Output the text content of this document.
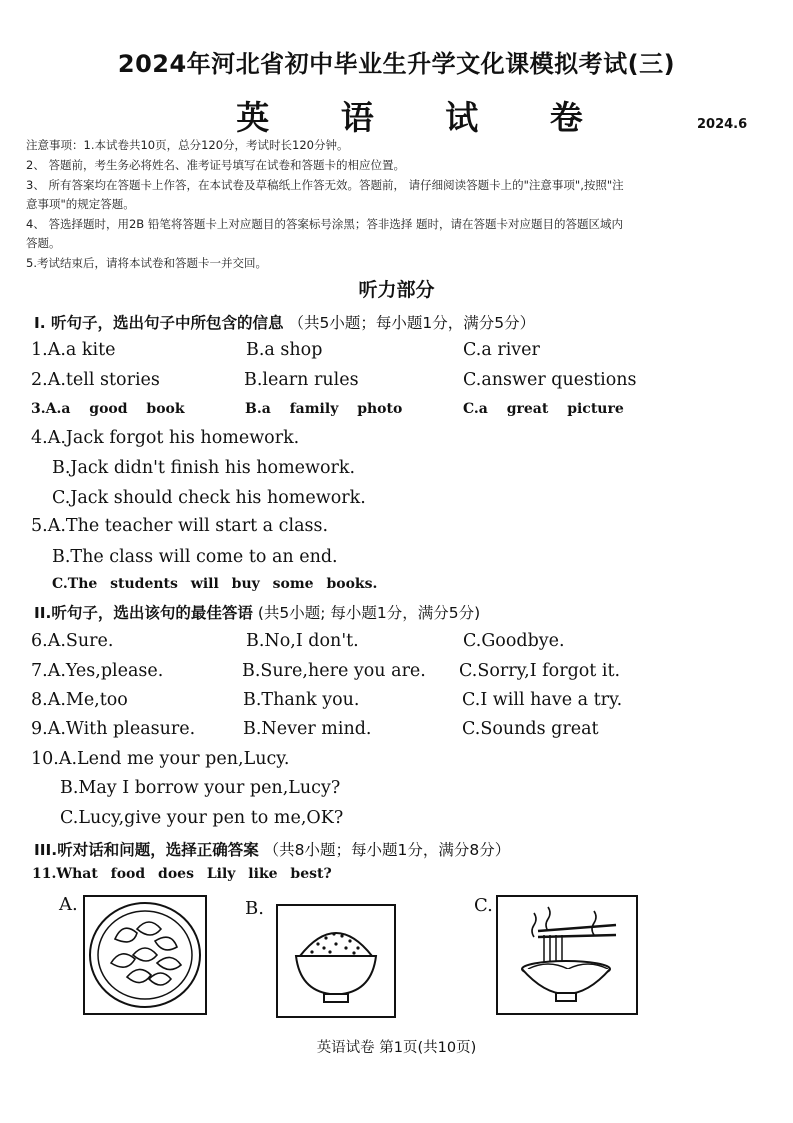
2024年河北省初中毕业生升学文化课模拟考试(三)
英 语 试 卷	2024.6
注意事项：1.本试卷共10页，总分120分，考试时长120分钟。
2、 答题前，考生务必将姓名、准考证号填写在试卷和答题卡的相应位置。
3、 所有答案均在答题卡上作答，在本试卷及草稿纸上作答无效。答题前， 请仔细阅读答题卡上的"注意事项",按照"注
意事项"的规定答题。
4、 答选择题时，用2B 铅笔将答题卡上对应题目的答案标号涂黑；答非选择 题时，请在答题卡对应题目的答题区域内
答题。
5.考试结束后，请将本试卷和答题卡一并交回。
听力部分
I. 听句子，选出句子中所包含的信息 （共5小题；每小题1分，满分5分）
1.A.a kite	B.a shop	C.a river
2.A.tell stories	B.learn rules	C.answer questions
3.A.a good book	B.a family photo	C.a great picture
4.A.Jack forgot his homework.
B.Jack didn't finish his homework.
C.Jack should check his homework.
5.A.The teacher will start a class.
B.The class will come to an end.
C.The students will buy some books.
II.听句子，选出该句的最佳答语 (共5小题; 每小题1分，满分5分)
6.A.Sure.	B.No,I don't.	C.Goodbye.
7.A.Yes,please.	B.Sure,here you are. C.Sorry,I forgot it.
8.A.Me,too	B.Thank you.	C.I will have a try.
9.A.With pleasure.	B.Never mind.	C.Sounds great
10.A.Lend me your pen,Lucy.
B.May I borrow your pen,Lucy?
C.Lucy,give your pen to me,OK?
III.听对话和问题，选择正确答案 （共8小题；每小题1分，满分8分）
11.What food does Lily like best?
A.	B.	C.
英语试卷 第1页(共10页)
